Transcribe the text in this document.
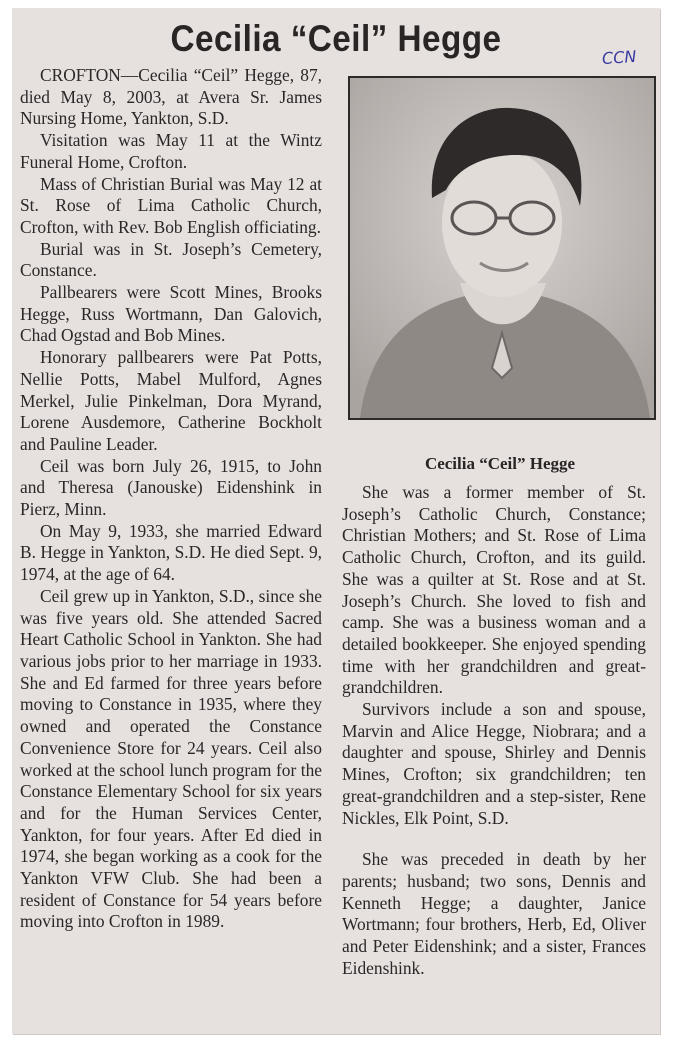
Cecilia “Ceil” Hegge	CCN

CROFTON—Cecilia “Ceil” Hegge, 87, died May 8, 2003, at Avera Sr. James Nursing Home, Yankton, S.D.

Visitation was May 11 at the Wintz Funeral Home, Crofton.

Mass of Christian Burial was May 12 at St. Rose of Lima Catholic Church, Crofton, with Rev. Bob English officiating.

Burial was in St. Joseph’s Cemetery, Constance.

Pallbearers were Scott Mines, Brooks Hegge, Russ Wortmann, Dan Galovich, Chad Ogstad and Bob Mines.

Honorary pallbearers were Pat Potts, Nellie Potts, Mabel Mulford, Agnes Merkel, Julie Pinkelman, Dora Myrand, Lorene Ausdemore, Catherine Bockholt and Pauline Leader.

Ceil was born July 26, 1915, to John and Theresa (Janouske) Eidenshink in Pierz, Minn.

On May 9, 1933, she married Edward B. Hegge in Yankton, S.D. He died Sept. 9, 1974, at the age of 64.

Ceil grew up in Yankton, S.D., since she was five years old. She attended Sacred Heart Catholic School in Yankton. She had various jobs prior to her marriage in 1933. She and Ed farmed for three years before moving to Constance in 1935, where they owned and operated the Constance Convenience Store for 24 years. Ceil also worked at the school lunch program for the Constance Elementary School for six years and for the Human Services Center, Yankton, for four years. After Ed died in 1974, she began working as a cook for the Yankton VFW Club. She had been a resident of Constance for 54 years before moving into Crofton in 1989.

Cecilia “Ceil” Hegge

She was a former member of St. Joseph’s Catholic Church, Constance; Christian Mothers; and St. Rose of Lima Catholic Church, Crofton, and its guild. She was a quilter at St. Rose and at St. Joseph’s Church. She loved to fish and camp. She was a business woman and a detailed bookkeeper. She enjoyed spending time with her grandchildren and great-grandchildren.

Survivors include a son and spouse, Marvin and Alice Hegge, Niobrara; and a daughter and spouse, Shirley and Dennis Mines, Crofton; six grandchildren; ten great-grandchildren and a step-sister, Rene Nickles, Elk Point, S.D.

She was preceded in death by her parents; husband; two sons, Dennis and Kenneth Hegge; a daughter, Janice Wortmann; four brothers, Herb, Ed, Oliver and Peter Eidenshink; and a sister, Frances Eidenshink.
